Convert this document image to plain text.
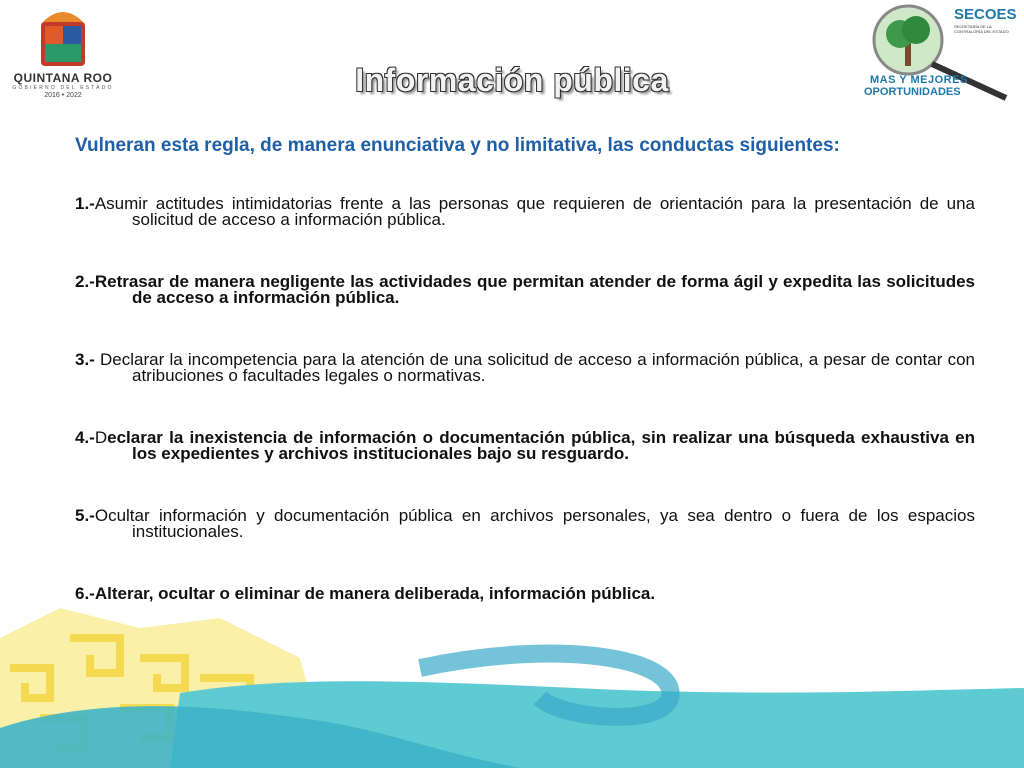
QUINTANA ROO
GOBIERNO DEL ESTADO
2016 • 2022
SECOES
SECRETARÍA DE LA CONTRALORÍA DEL ESTADO
MAS Y MEJORES
OPORTUNIDADES
Información pública

Vulneran esta regla, de manera enunciativa y no limitativa, las conductas siguientes:

1.-Asumir actitudes intimidatorias frente a las personas que requieren de orientación para la presentación de una solicitud de acceso a información pública.

2.-Retrasar de manera negligente las actividades que permitan atender de forma ágil y expedita las solicitudes de acceso a información pública.

3.- Declarar la incompetencia para la atención de una solicitud de acceso a información pública, a pesar de contar con atribuciones o facultades legales o normativas.

4.-Declarar la inexistencia de información o documentación pública, sin realizar una búsqueda exhaustiva en los expedientes y archivos institucionales bajo su resguardo.

5.-Ocultar información y documentación pública en archivos personales, ya sea dentro o fuera de los espacios institucionales.

6.-Alterar, ocultar o eliminar de manera deliberada, información pública.
